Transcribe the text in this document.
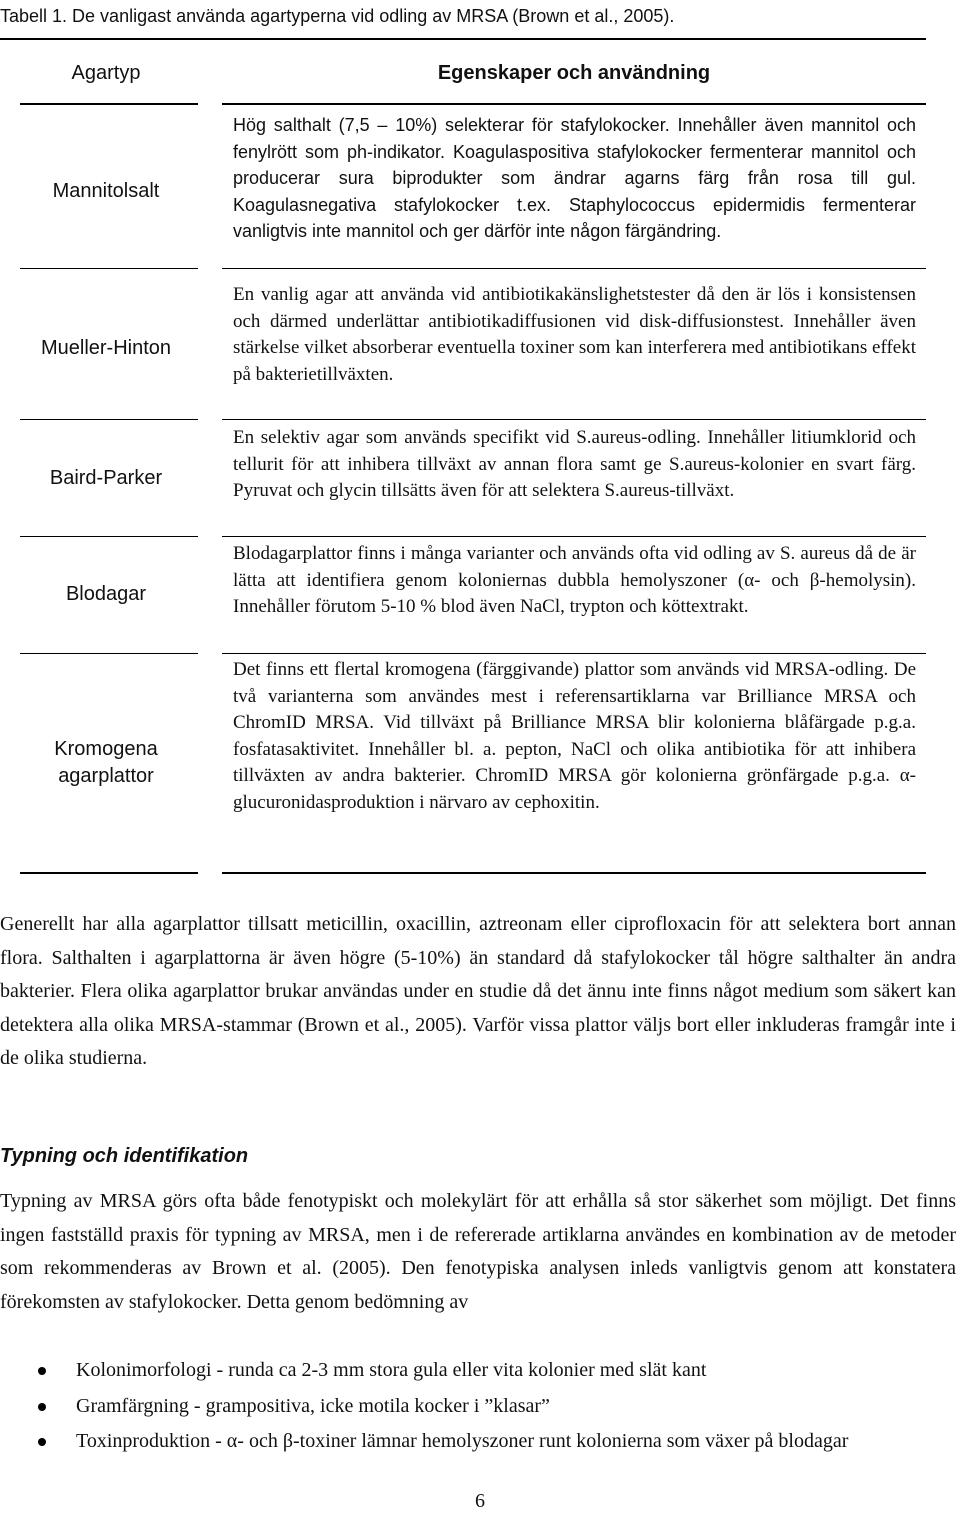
Tabell 1. De vanligast använda agartyperna vid odling av MRSA (Brown et al., 2005).
Agartyp	Egenskaper och användning
Mannitolsalt
Hög salthalt (7,5 – 10%) selekterar för stafylokocker. Innehåller även mannitol och fenylrött som ph-indikator. Koagulaspositiva stafylokocker fermenterar mannitol och producerar sura biprodukter som ändrar agarns färg från rosa till gul. Koagulasnegativa stafylokocker t.ex. Staphylococcus epidermidis fermenterar vanligtvis inte mannitol och ger därför inte någon färgändring.
Mueller-Hinton
En vanlig agar att använda vid antibiotikakänslighetstester då den är lös i konsistensen och därmed underlättar antibiotikadiffusionen vid disk-diffusionstest. Innehåller även stärkelse vilket absorberar eventuella toxiner som kan interferera med antibiotikans effekt på bakterietillväxten.
Baird-Parker
En selektiv agar som används specifikt vid S.aureus-odling. Innehåller litiumklorid och tellurit för att inhibera tillväxt av annan flora samt ge S.aureus-kolonier en svart färg. Pyruvat och glycin tillsätts även för att selektera S.aureus-tillväxt.
Blodagar
Blodagarplattor finns i många varianter och används ofta vid odling av S. aureus då de är lätta att identifiera genom koloniernas dubbla hemolyszoner (α- och β-hemolysin). Innehåller förutom 5-10 % blod även NaCl, trypton och köttextrakt.
Kromogena
agarplattor
Det finns ett flertal kromogena (färggivande) plattor som används vid MRSA-odling. De två varianterna som användes mest i referensartiklarna var Brilliance MRSA och ChromID MRSA. Vid tillväxt på Brilliance MRSA blir kolonierna blåfärgade p.g.a. fosfatasaktivitet. Innehåller bl. a. pepton, NaCl och olika antibiotika för att inhibera tillväxten av andra bakterier. ChromID MRSA gör kolonierna grönfärgade p.g.a. α-glucuronidasproduktion i närvaro av cephoxitin.
Generellt har alla agarplattor tillsatt meticillin, oxacillin, aztreonam eller ciprofloxacin för att selektera bort annan flora. Salthalten i agarplattorna är även högre (5-10%) än standard då stafylokocker tål högre salthalter än andra bakterier. Flera olika agarplattor brukar användas under en studie då det ännu inte finns något medium som säkert kan detektera alla olika MRSA-stammar (Brown et al., 2005). Varför vissa plattor väljs bort eller inkluderas framgår inte i de olika studierna.
Typning och identifikation
Typning av MRSA görs ofta både fenotypiskt och molekylärt för att erhålla så stor säkerhet som möjligt. Det finns ingen fastställd praxis för typning av MRSA, men i de refererade artiklarna användes en kombination av de metoder som rekommenderas av Brown et al. (2005). Den fenotypiska analysen inleds vanligtvis genom att konstatera förekomsten av stafylokocker. Detta genom bedömning av
Kolonimorfologi - runda ca 2-3 mm stora gula eller vita kolonier med slät kant
Gramfärgning - grampositiva, icke motila kocker i ”klasar”
Toxinproduktion - α- och β-toxiner lämnar hemolyszoner runt kolonierna som växer på blodagar
6
